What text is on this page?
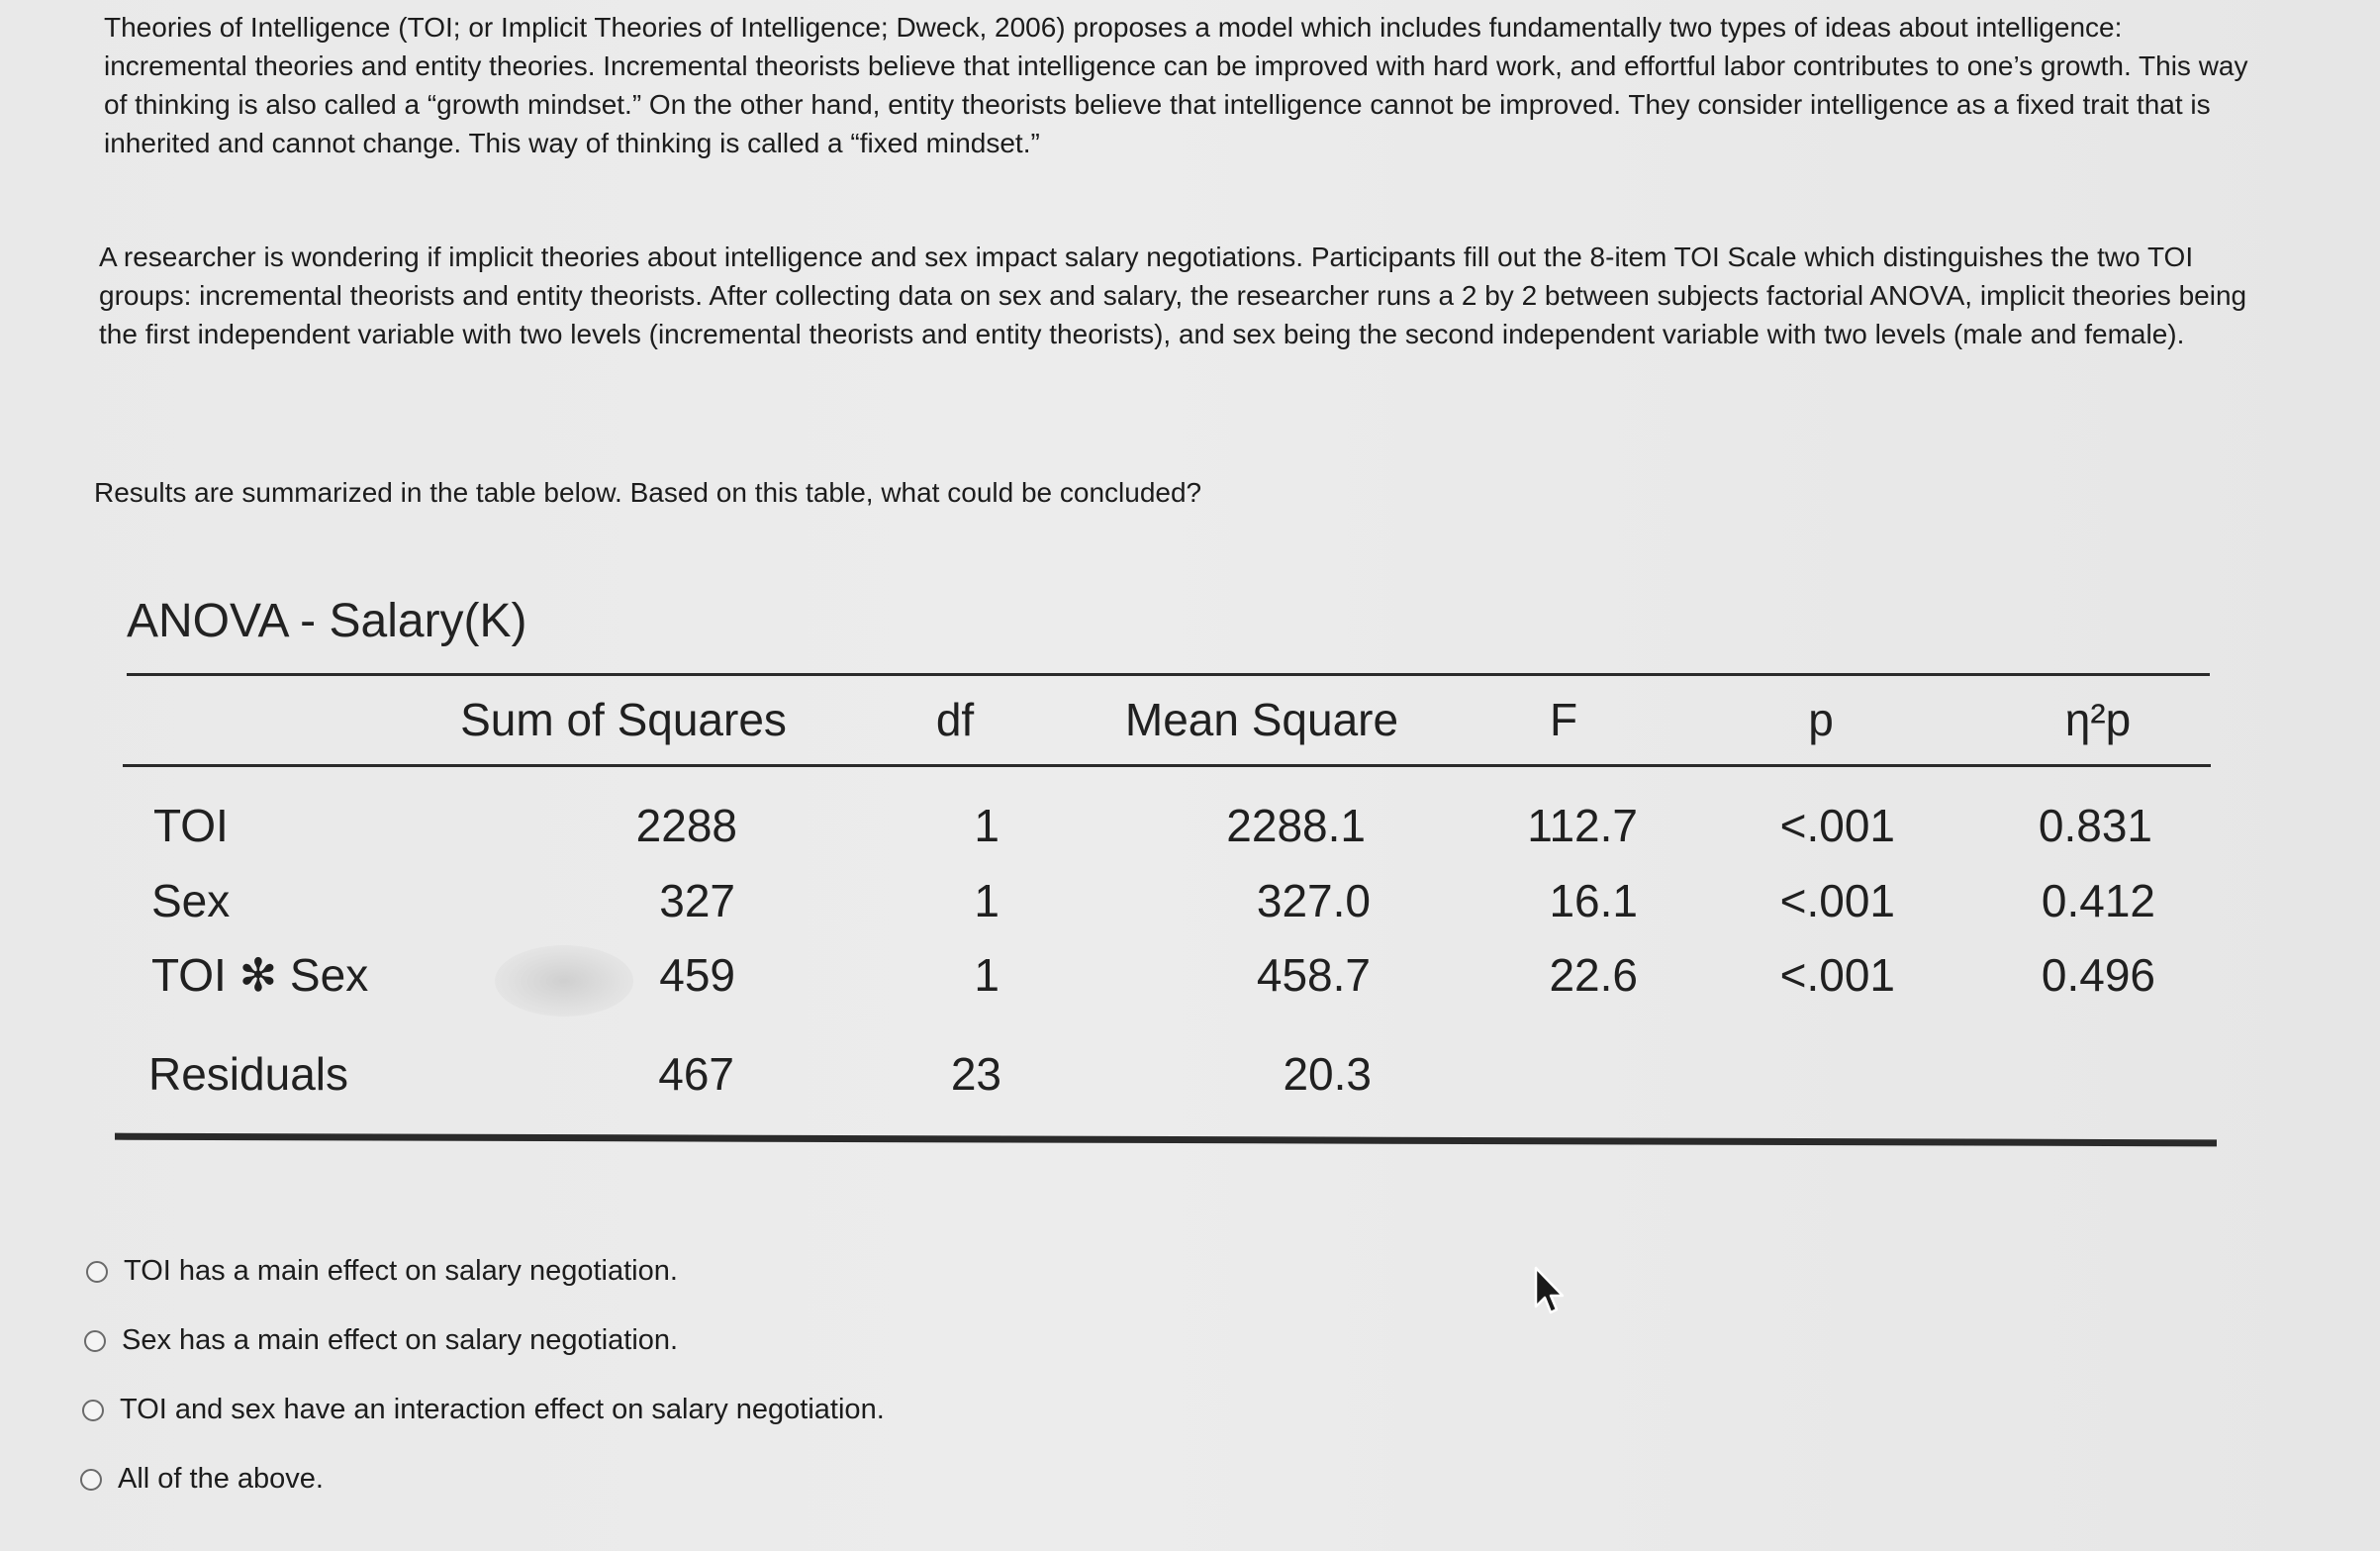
Theories of Intelligence (TOI; or Implicit Theories of Intelligence; Dweck, 2006) proposes a model which includes fundamentally two types of ideas about intelligence: incremental theories and entity theories. Incremental theorists believe that intelligence can be improved with hard work, and effortful labor contributes to one’s growth. This way of thinking is also called a “growth mindset.” On the other hand, entity theorists believe that intelligence cannot be improved. They consider intelligence as a fixed trait that is inherited and cannot change. This way of thinking is called a “fixed mindset.”

A researcher is wondering if implicit theories about intelligence and sex impact salary negotiations. Participants fill out the 8-item TOI Scale which distinguishes the two TOI groups: incremental theorists and entity theorists. After collecting data on sex and salary, the researcher runs a 2 by 2 between subjects factorial ANOVA, implicit theories being the first independent variable with two levels (incremental theorists and entity theorists), and sex being the second independent variable with two levels (male and female).

Results are summarized in the table below. Based on this table, what could be concluded?

ANOVA - Salary(K)
Sum of Squares	df	Mean Square	F	p	η²p
TOI	2288	1	2288.1	112.7	<.001	0.831
Sex	327	1	327.0	16.1	<.001	0.412
TOI ✻ Sex	459	1	458.7	22.6	<.001	0.496
Residuals	467	23	20.3
TOI has a main effect on salary negotiation.
Sex has a main effect on salary negotiation.
TOI and sex have an interaction effect on salary negotiation.
All of the above.
